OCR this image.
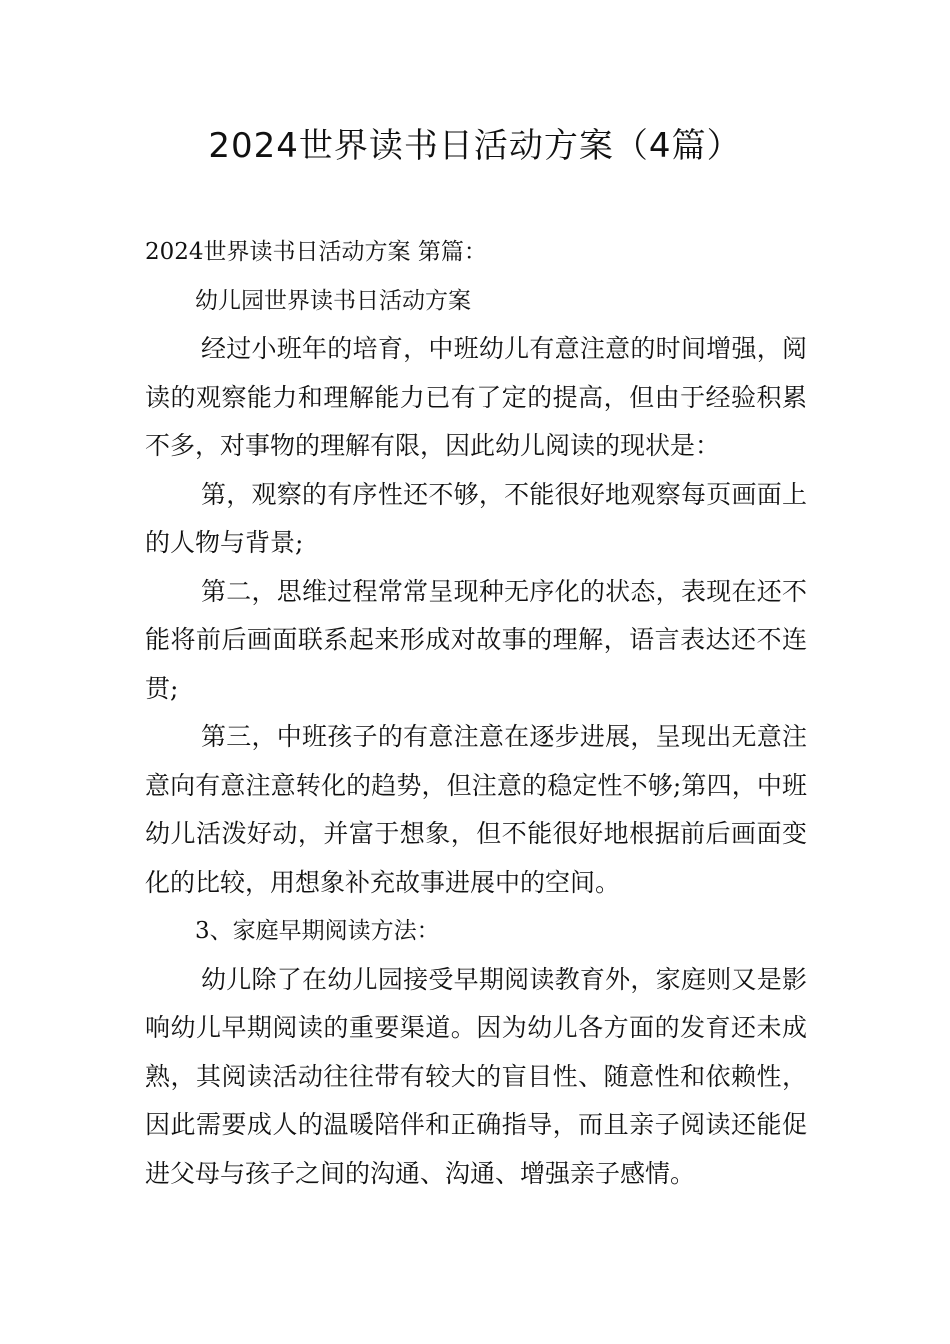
2024世界读书日活动方案（4篇）

2024世界读书日活动方案 第篇：

幼儿园世界读书日活动方案

经过小班年的培育，中班幼儿有意注意的时间增强，阅读的观察能力和理解能力已有了定的提高，但由于经验积累不多，对事物的理解有限，因此幼儿阅读的现状是：

第，观察的有序性还不够，不能很好地观察每页画面上的人物与背景;

第二，思维过程常常呈现种无序化的状态，表现在还不能将前后画面联系起来形成对故事的理解，语言表达还不连贯;

第三，中班孩子的有意注意在逐步进展，呈现出无意注意向有意注意转化的趋势，但注意的稳定性不够;第四，中班幼儿活泼好动，并富于想象，但不能很好地根据前后画面变化的比较，用想象补充故事进展中的空间。

3、家庭早期阅读方法：

幼儿除了在幼儿园接受早期阅读教育外，家庭则又是影响幼儿早期阅读的重要渠道。因为幼儿各方面的发育还未成熟，其阅读活动往往带有较大的盲目性、随意性和依赖性，因此需要成人的温暖陪伴和正确指导，而且亲子阅读还能促进父母与孩子之间的沟通、沟通、增强亲子感情。
